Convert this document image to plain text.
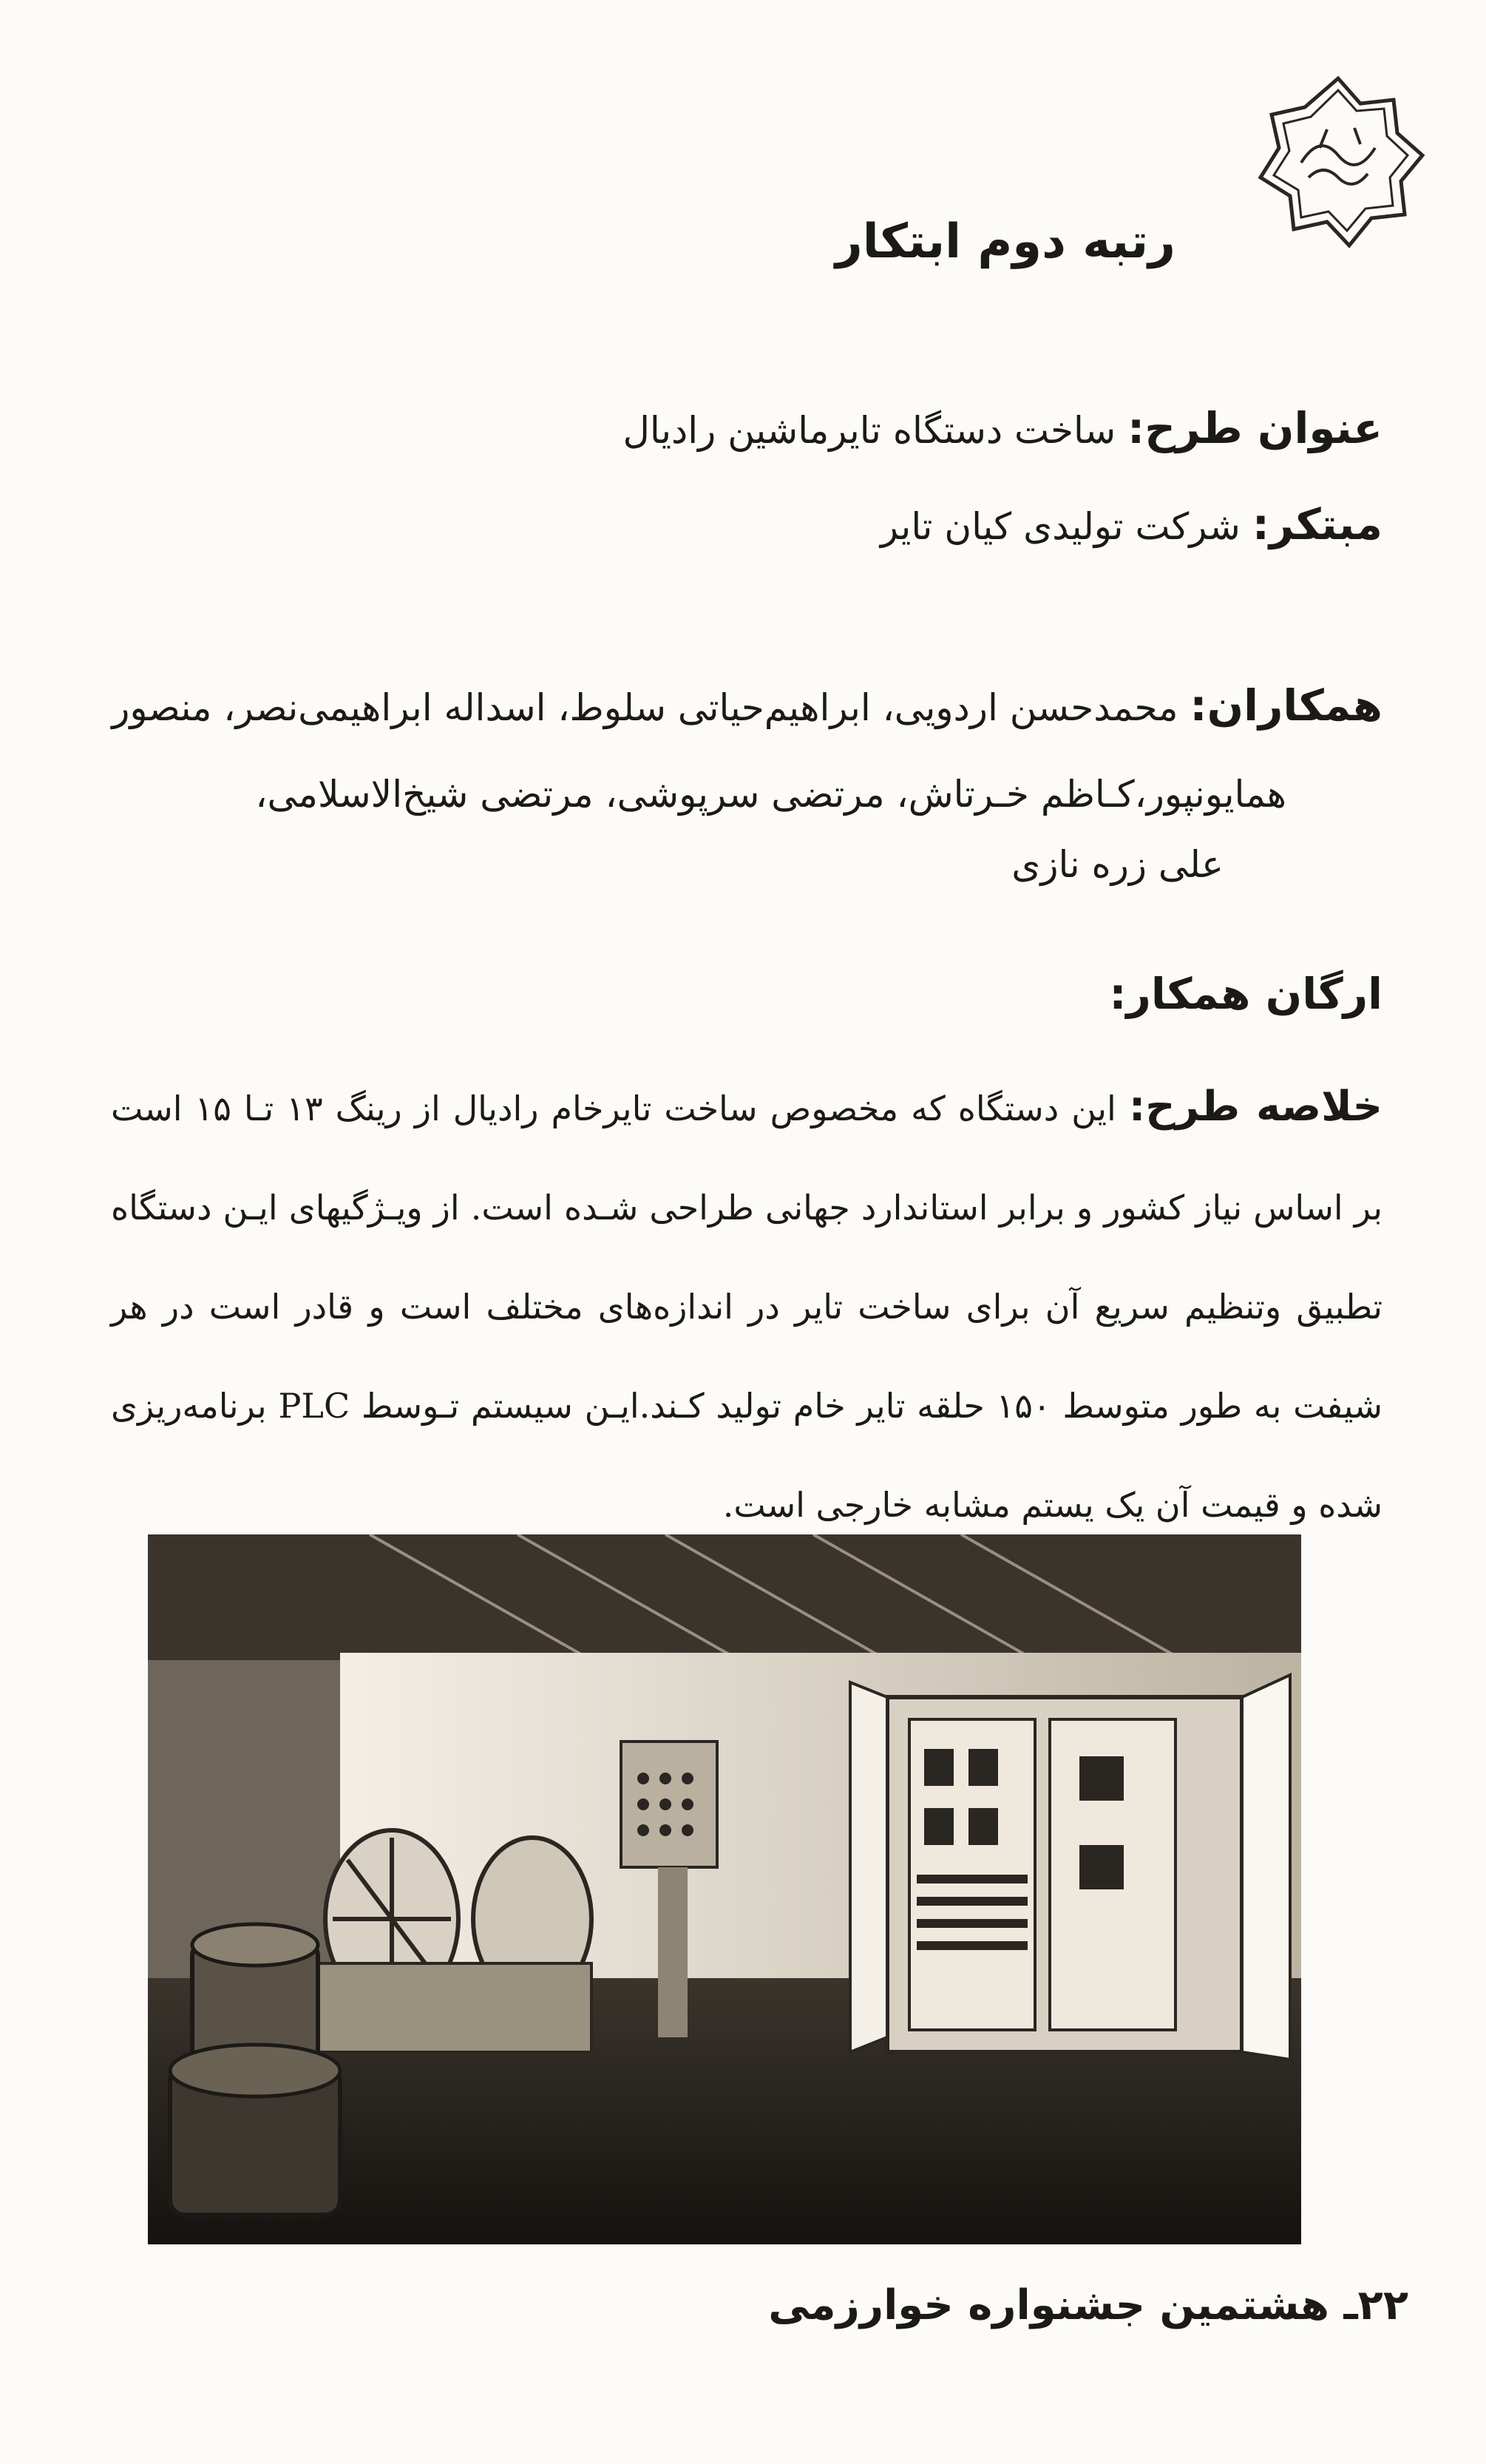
رتبه دوم ابتکار
عنوان طرح: ساخت دستگاه تایرماشین رادیال
مبتکر: شرکت تولیدی کیان تایر
همکاران: محمدحسن اردویی، ابراهیم‌حیاتی سلوط، اسداله ابراهیمی‌نصر، منصور
همایونپور،کـاظم خـرتاش، مرتضی سرپوشی، مرتضی شیخ‌الاسلامی،
علی زره نازی
ارگان همکار:
خلاصه طرح: این دستگاه که مخصوص ساخت تایرخام رادیال از رینگ ۱۳ تـا ۱۵ است بر اساس نیاز کشور و برابر استاندارد جهانی طراحی شـده است. از ویـژگیهای ایـن دستگاه تطبیق وتنظیم سریع آن برای ساخت تایر در اندازه‌های مختلف است و قادر است در هر شیفت به طور متوسط ۱۵۰ حلقه تایر خام تولید کـند.ایـن سیستم تـوسط PLC برنامه‌ریزی شده و قیمت آن یک یستم مشابه خارجی است.
۲۲ـ هشتمین جشنواره خوارزمی
